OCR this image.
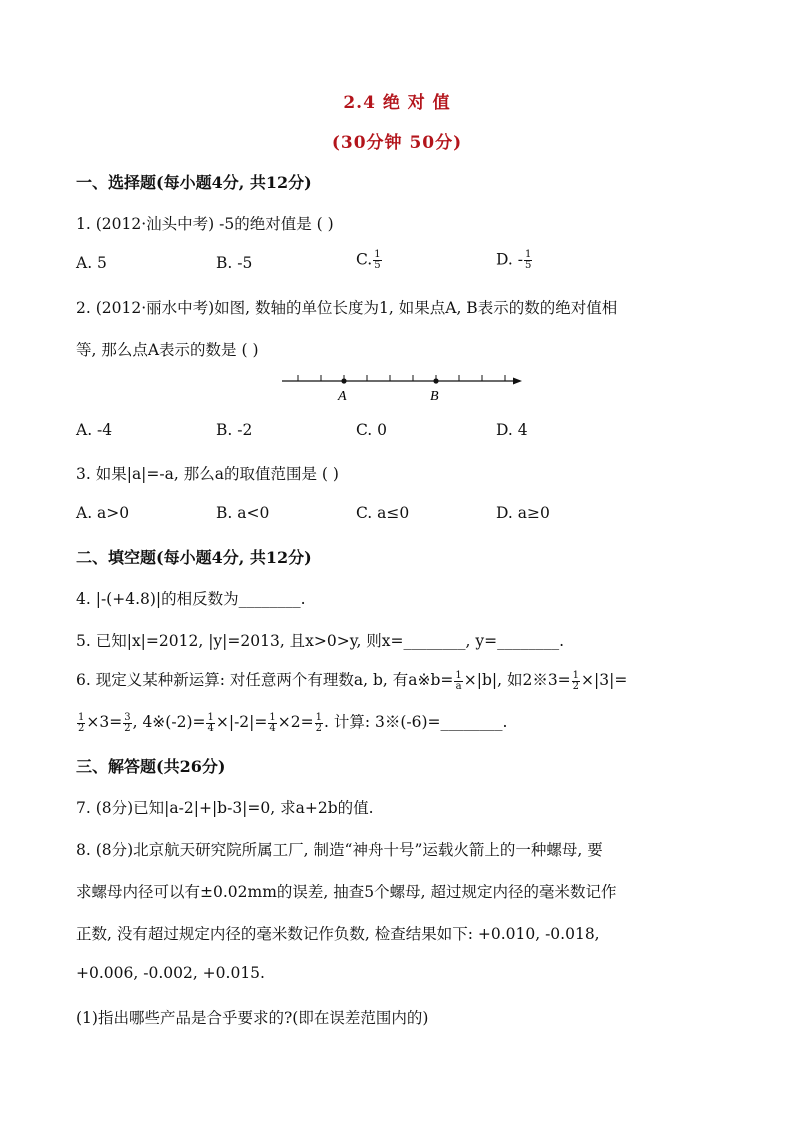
2.4 绝 对 值
(30分钟 50分)
一、选择题(每小题4分, 共12分)
1. (2012·汕头中考) -5的绝对值是 ( )
A. 5	B. -5	C. $\frac{1}{5}$	D. - $\frac{1}{5}$
2. (2012·丽水中考)如图, 数轴的单位长度为1, 如果点A, B表示的数的绝对值相
等, 那么点A表示的数是 ( )
A	B
A. -4	B. -2	C. 0	D. 4
3. 如果|a|=-a, 那么a的取值范围是 ( )
A. a>0	B. a<0	C. a≤0	D. a≥0
二、填空题(每小题4分, 共12分)
4. |-(+4.8)|的相反数为________.
5. 已知|x|=2012, |y|=2013, 且x>0>y, 则x=________, y=________.
6. 现定义某种新运算: 对任意两个有理数a, b, 有a※b= $\frac{1}{a} \times|b|$, 如2※3= $\frac{1}{2} \times|3|=$
$\frac{1}{2} \times 3= \frac{3}{2}$ , 4※(-2)= $\frac{1}{4} \times|-2|= \frac{1}{4} \times 2= \frac{1}{2}$ . 计算: 3※(-6)=________.
三、解答题(共26分)
7. (8分)已知|a-2|+|b-3|=0, 求a+2b的值.
8. (8分)北京航天研究院所属工厂, 制造“神舟十号”运载火箭上的一种螺母, 要
求螺母内径可以有±0.02mm的误差, 抽查5个螺母, 超过规定内径的毫米数记作
正数, 没有超过规定内径的毫米数记作负数, 检查结果如下: +0.010, -0.018,
+0.006, -0.002, +0.015.
(1)指出哪些产品是合乎要求的?(即在误差范围内的)
